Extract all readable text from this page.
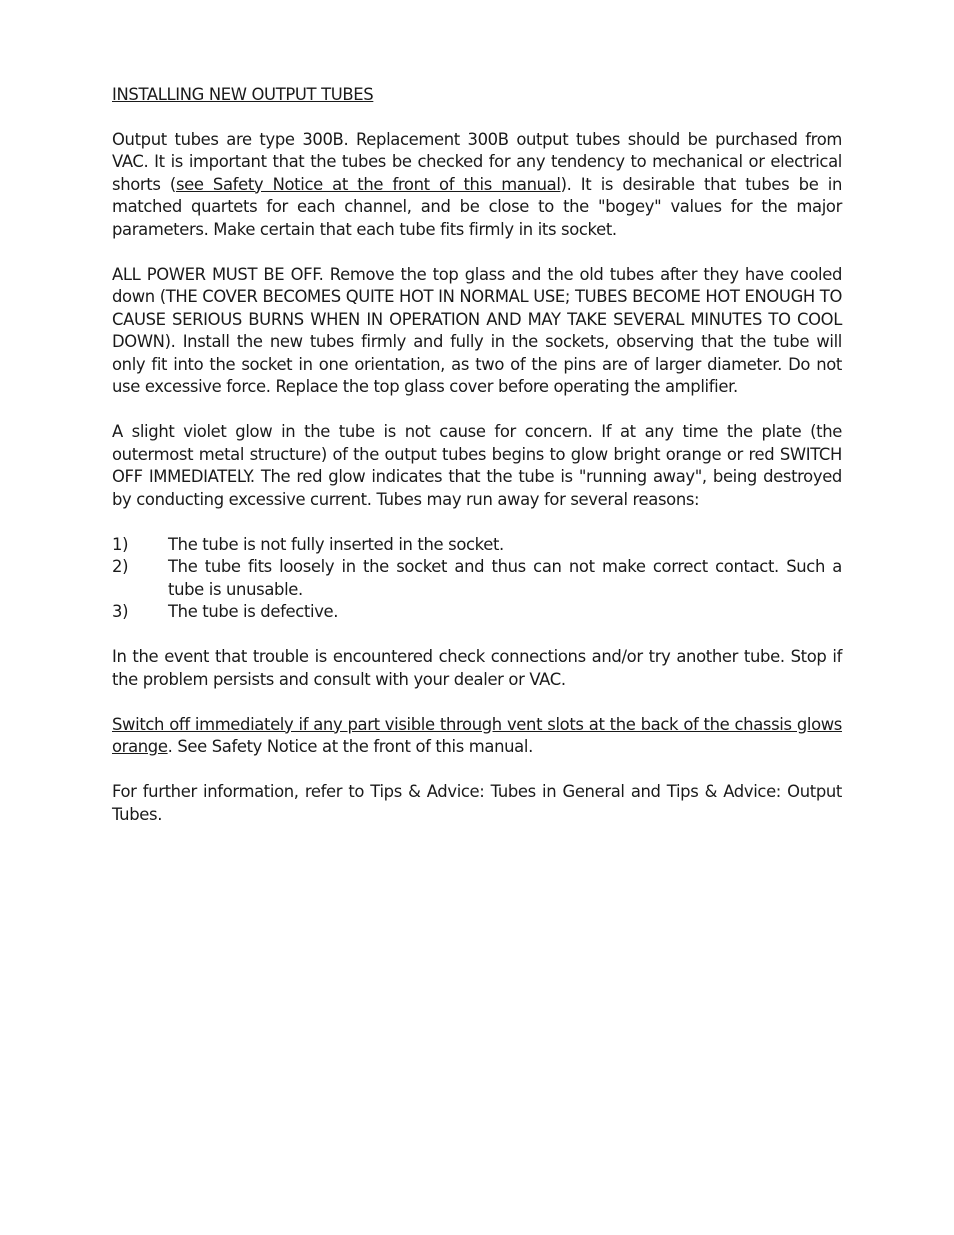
INSTALLING NEW OUTPUT TUBES

Output tubes are type 300B. Replacement 300B output tubes should be purchased from VAC. It is important that the tubes be checked for any tendency to mechanical or electrical shorts (see Safety Notice at the front of this manual). It is desirable that tubes be in matched quartets for each channel, and be close to the "bogey" values for the major parameters. Make certain that each tube fits firmly in its socket.

ALL POWER MUST BE OFF. Remove the top glass and the old tubes after they have cooled down (THE COVER BECOMES QUITE HOT IN NORMAL USE; TUBES BECOME HOT ENOUGH TO CAUSE SERIOUS BURNS WHEN IN OPERATION AND MAY TAKE SEVERAL MINUTES TO COOL DOWN). Install the new tubes firmly and fully in the sockets, observing that the tube will only fit into the socket in one orientation, as two of the pins are of larger diameter. Do not use excessive force. Replace the top glass cover before operating the amplifier.

A slight violet glow in the tube is not cause for concern. If at any time the plate (the outermost metal structure) of the output tubes begins to glow bright orange or red SWITCH OFF IMMEDIATELY. The red glow indicates that the tube is "running away", being destroyed by conducting excessive current. Tubes may run away for several reasons:

1)	The tube is not fully inserted in the socket.
2)	The tube fits loosely in the socket and thus can not make correct contact. Such a tube is unusable.
3)	The tube is defective.

In the event that trouble is encountered check connections and/or try another tube. Stop if the problem persists and consult with your dealer or VAC.

Switch off immediately if any part visible through vent slots at the back of the chassis glows orange. See Safety Notice at the front of this manual.

For further information, refer to Tips & Advice: Tubes in General and Tips & Advice: Output Tubes.
